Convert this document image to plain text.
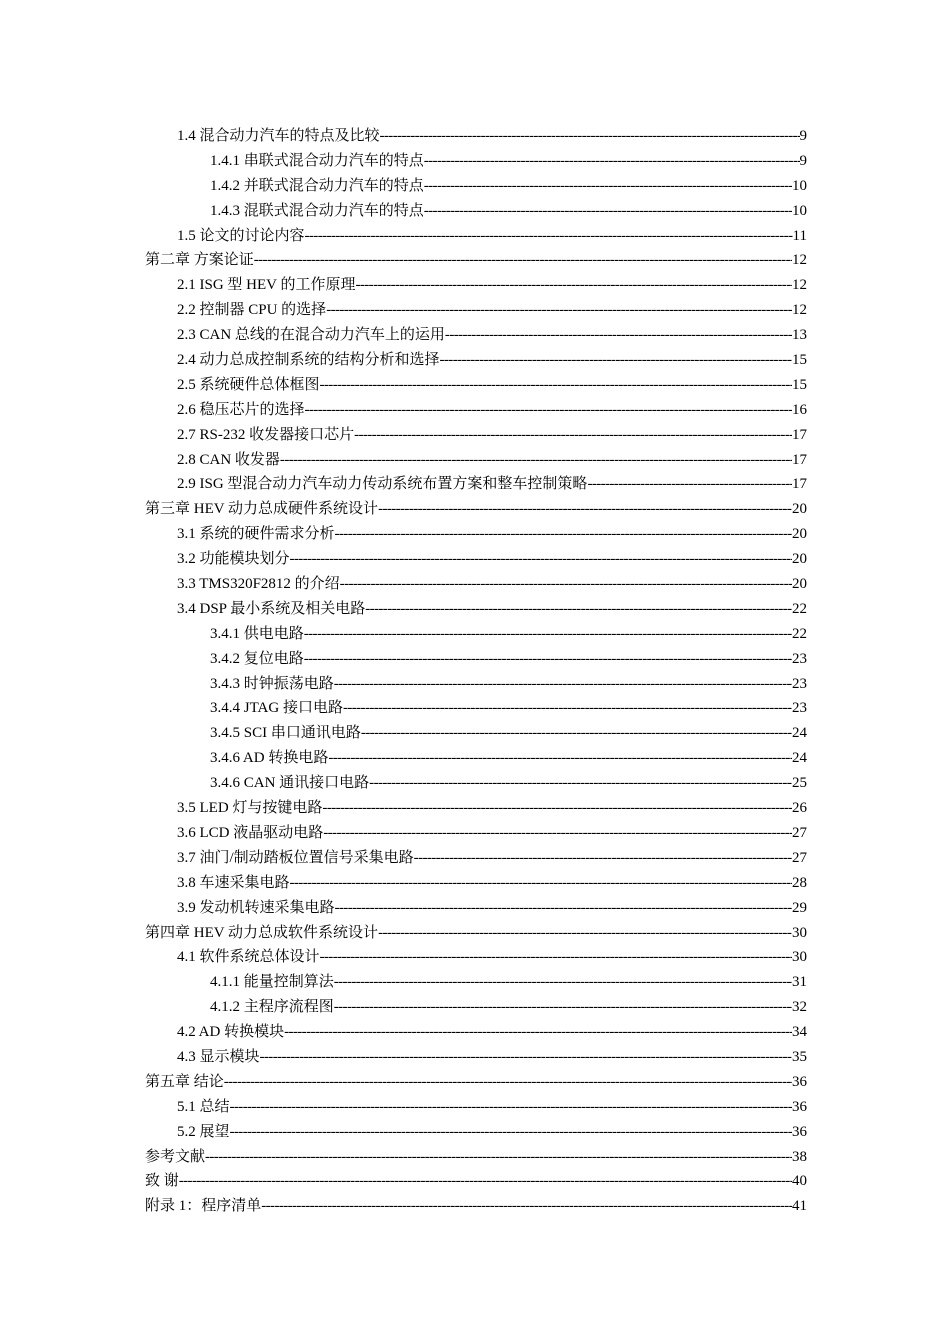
1.4 混合动力汽车的特点及比较 -----	9
1.4.1 串联式混合动力汽车的特点 -----	9
1.4.2 并联式混合动力汽车的特点 -----	10
1.4.3 混联式混合动力汽车的特点 -----	10
1.5 论文的讨论内容 -----	11
第二章 方案论证 -----	12
2.1 ISG 型 HEV 的工作原理 -----	12
2.2 控制器 CPU 的选择 -----	12
2.3 CAN 总线的在混合动力汽车上的运用 -----	13
2.4 动力总成控制系统的结构分析和选择 -----	15
2.5 系统硬件总体框图 -----	15
2.6 稳压芯片的选择 -----	16
2.7 RS-232 收发器接口芯片 -----	17
2.8 CAN 收发器 -----	17
2.9 ISG 型混合动力汽车动力传动系统布置方案和整车控制策略 -----	17
第三章 HEV 动力总成硬件系统设计 -----	20
3.1 系统的硬件需求分析 -----	20
3.2 功能模块划分 -----	20
3.3 TMS320F2812 的介绍 -----	20
3.4 DSP 最小系统及相关电路 -----	22
3.4.1 供电电路 -----	22
3.4.2 复位电路 -----	23
3.4.3 时钟振荡电路 -----	23
3.4.4 JTAG 接口电路 -----	23
3.4.5 SCI 串口通讯电路 -----	24
3.4.6 AD 转换电路 -----	24
3.4.6 CAN 通讯接口电路 -----	25
3.5 LED 灯与按键电路 -----	26
3.6 LCD 液晶驱动电路 -----	27
3.7 油门/制动踏板位置信号采集电路 -----	27
3.8 车速采集电路 -----	28
3.9 发动机转速采集电路 -----	29
第四章 HEV 动力总成软件系统设计 -----	30
4.1 软件系统总体设计 -----	30
4.1.1 能量控制算法 -----	31
4.1.2 主程序流程图 -----	32
4.2 AD 转换模块 -----	34
4.3 显示模块 -----	35
第五章 结论 -----	36
5.1 总结 -----	36
5.2 展望 -----	36
参考文献 -----	38
致 谢 -----	40
附录 1：程序清单 -----	41
